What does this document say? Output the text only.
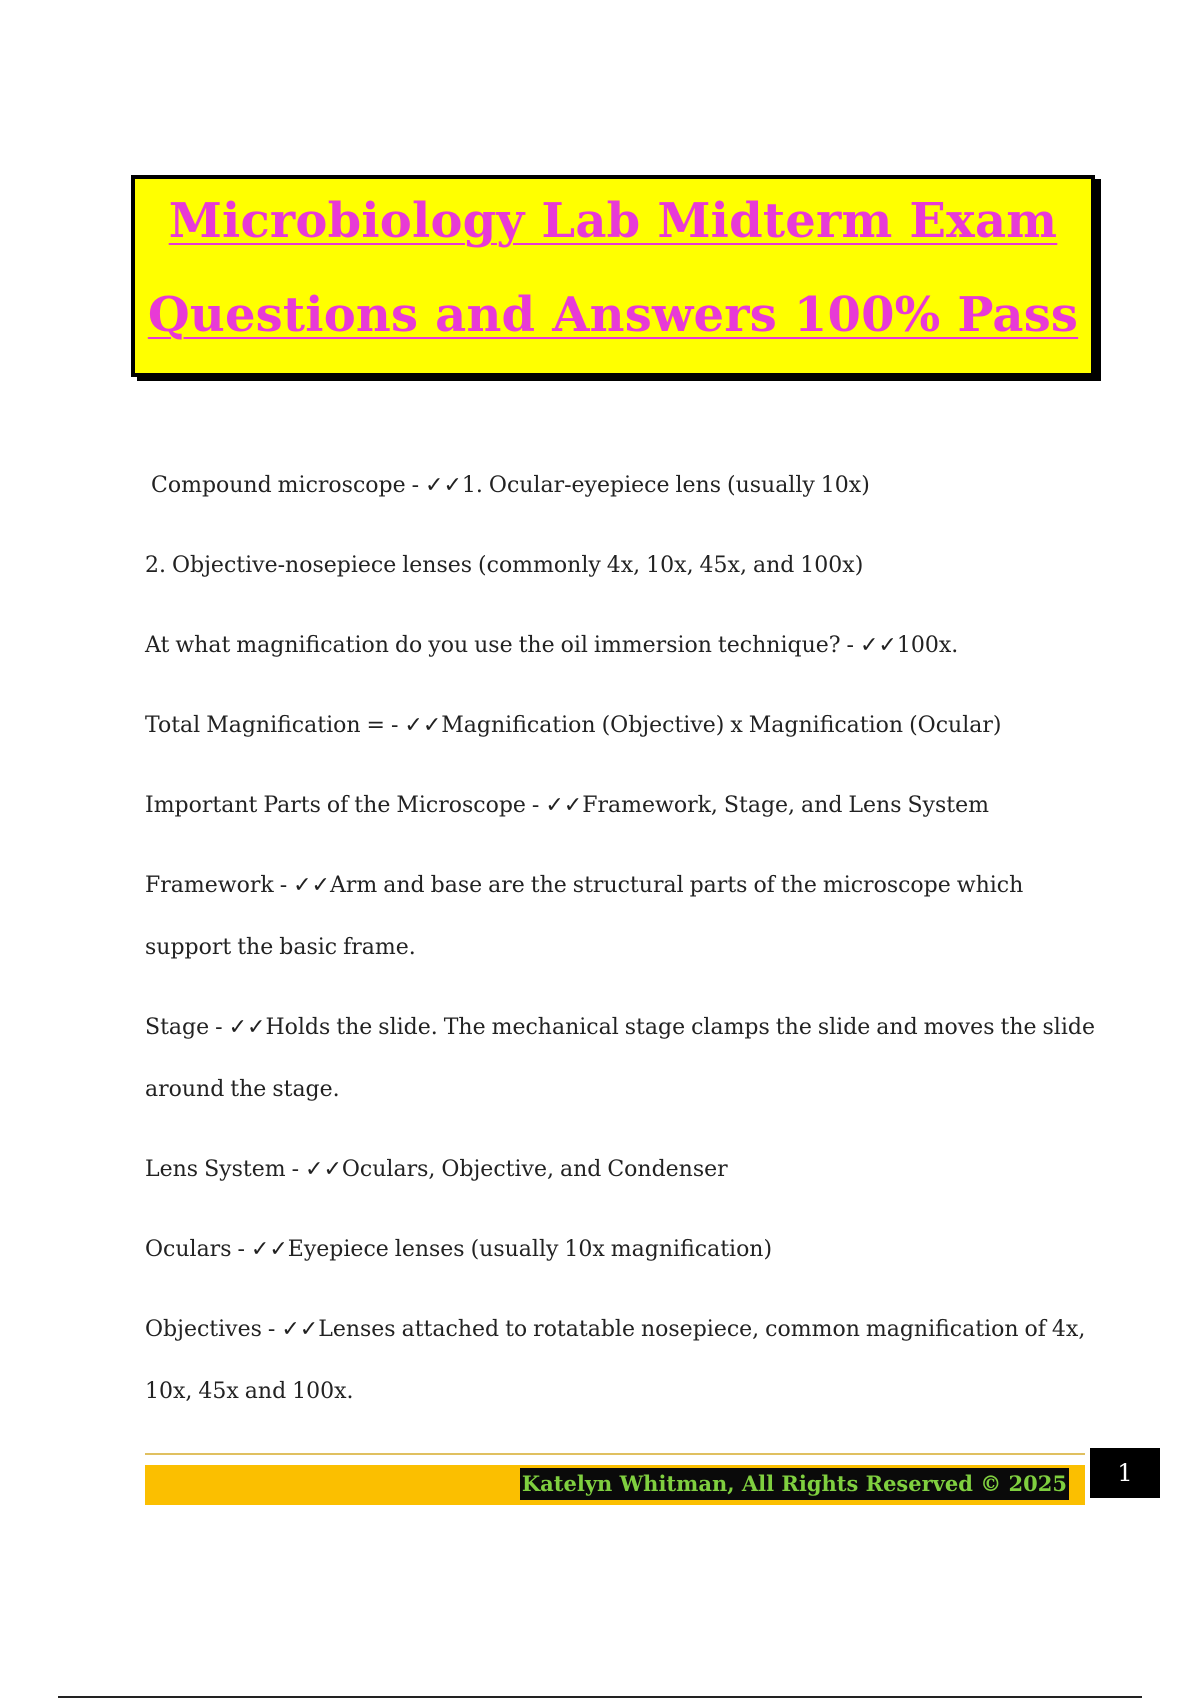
Microbiology Lab Midterm Exam
Questions and Answers 100% Pass

Compound microscope - ✓✓1. Ocular-eyepiece lens (usually 10x)

2. Objective-nosepiece lenses (commonly 4x, 10x, 45x, and 100x)

At what magnification do you use the oil immersion technique? - ✓✓100x.

Total Magnification = - ✓✓Magnification (Objective) x Magnification (Ocular)

Important Parts of the Microscope - ✓✓Framework, Stage, and Lens System

Framework - ✓✓Arm and base are the structural parts of the microscope which support the basic frame.

Stage - ✓✓Holds the slide. The mechanical stage clamps the slide and moves the slide around the stage.

Lens System - ✓✓Oculars, Objective, and Condenser

Oculars - ✓✓Eyepiece lenses (usually 10x magnification)

Objectives - ✓✓Lenses attached to rotatable nosepiece, common magnification of 4x, 10x, 45x and 100x.

Katelyn Whitman, All Rights Reserved © 2025	1
